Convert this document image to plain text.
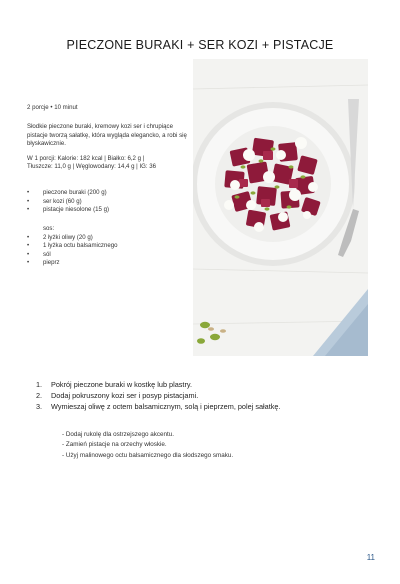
PIECZONE BURAKI + SER KOZI + PISTACJE
2 porcje • 10 minut
Słodkie pieczone buraki, kremowy kozi ser i chrupiące pistacje tworzą sałatkę, która wygląda elegancko, a robi się błyskawicznie.
W 1 porcji: Kalorie: 182 kcal | Białko: 6,2 g |
Tłuszcze: 11,0 g | Węglowodany: 14,4 g | IG: 36
• pieczone buraki (200 g)
• ser kozi (60 g)
• pistacje niesolone (15 g)
sos:
• 2 łyżki oliwy (20 g)
• 1 łyżka octu balsamicznego
• sól
• pieprz
1. Pokrój pieczone buraki w kostkę lub plastry.
2. Dodaj pokruszony kozi ser i posyp pistacjami.
3. Wymieszaj oliwę z octem balsamicznym, solą i pieprzem, polej sałatkę.
- Dodaj rukolę dla ostrzejszego akcentu.
- Zamień pistacje na orzechy włoskie.
- Użyj malinowego octu balsamicznego dla słodszego smaku.
11
